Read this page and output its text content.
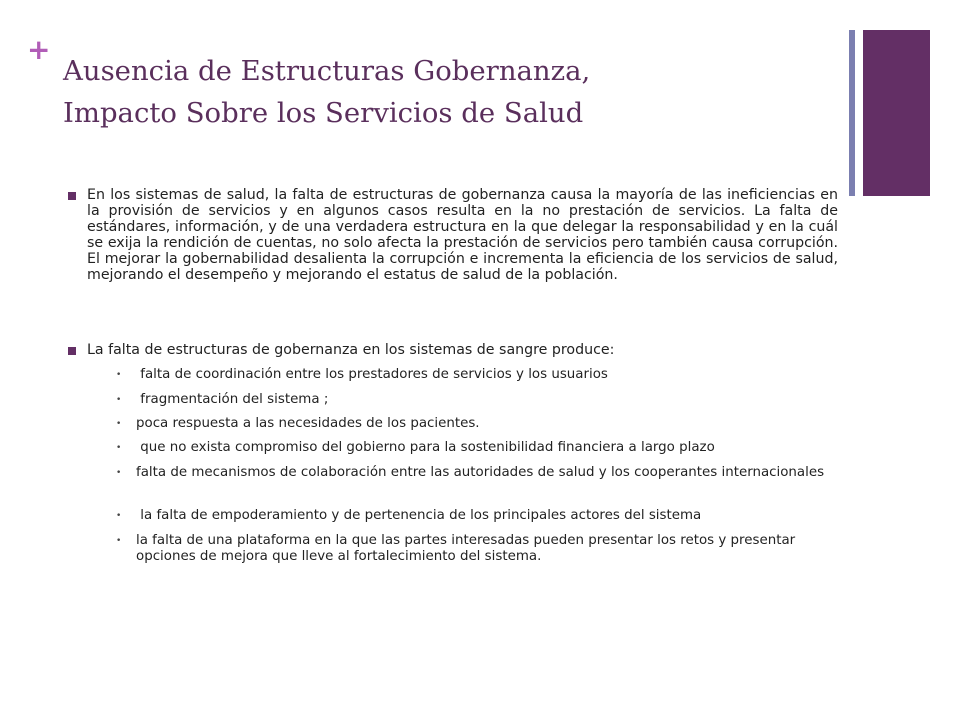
+
Ausencia de Estructuras Gobernanza,
Impacto Sobre los Servicios de Salud
En los sistemas de salud, la falta de estructuras de gobernanza causa la mayoría de las ineficiencias en la provisión de servicios y en algunos casos resulta en la no prestación de servicios. La falta de estándares, información, y de una verdadera estructura en la que delegar la responsabilidad y en la cuál se exija la rendición de cuentas, no solo afecta la prestación de servicios pero también causa corrupción. El mejorar la gobernabilidad desalienta la corrupción e incrementa la eficiencia de los servicios de salud, mejorando el desempeño y mejorando el estatus de salud de la población.
La falta de estructuras de gobernanza en los sistemas de sangre produce:
•	falta de coordinación entre los prestadores de servicios y los usuarios
•	fragmentación del sistema ;
•	poca respuesta a las necesidades de los pacientes.
•	que no exista compromiso del gobierno para la sostenibilidad financiera a largo plazo
•	falta de mecanismos de colaboración entre las autoridades de salud y los cooperantes internacionales
•	la falta de empoderamiento y de pertenencia de los principales actores del sistema
•	la falta de una plataforma en la que las partes interesadas pueden presentar los retos y presentar opciones de mejora que lleve al fortalecimiento del sistema.
